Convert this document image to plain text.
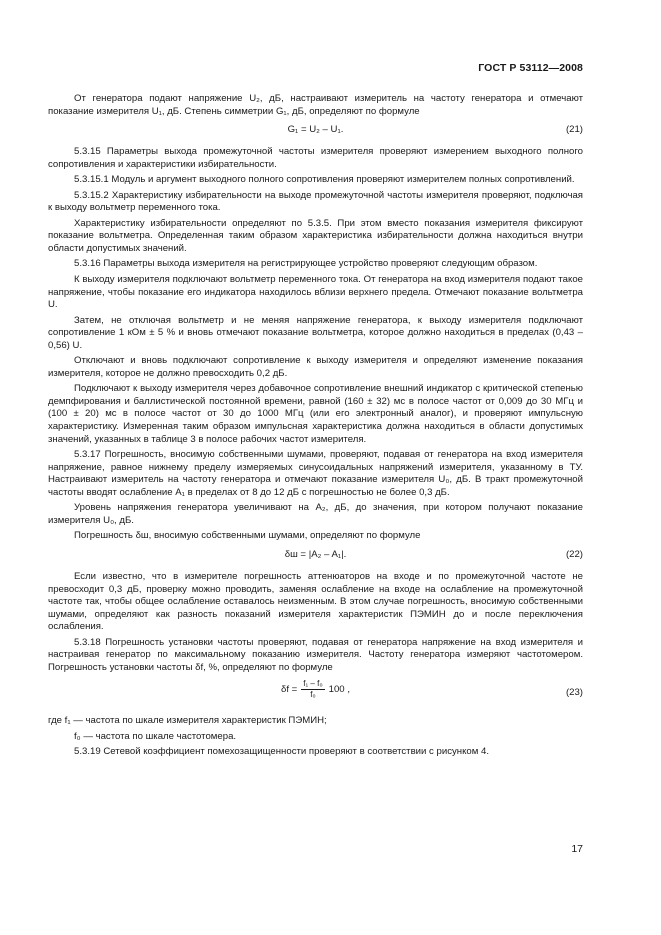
ГОСТ Р 53112—2008

От генератора подают напряжение U₂, дБ, настраивают измеритель на частоту генератора и отмечают показание измерителя U₁, дБ. Степень симметрии G₁, дБ, определяют по формуле

G₁ = U₂ – U₁.	(21)

5.3.15 Параметры выхода промежуточной частоты измерителя проверяют измерением выходного полного сопротивления и характеристики избирательности.

5.3.15.1 Модуль и аргумент выходного полного сопротивления проверяют измерителем полных сопротивлений.

5.3.15.2 Характеристику избирательности на выходе промежуточной частоты измерителя проверяют, подключая к выходу вольтметр переменного тока.

Характеристику избирательности определяют по 5.3.5. При этом вместо показания измерителя фиксируют показание вольтметра. Определенная таким образом характеристика избирательности должна находиться внутри области допустимых значений.

5.3.16 Параметры выхода измерителя на регистрирующее устройство проверяют следующим образом.

К выходу измерителя подключают вольтметр переменного тока. От генератора на вход измерителя подают такое напряжение, чтобы показание его индикатора находилось вблизи верхнего предела. Отмечают показание вольтметра U.

Затем, не отключая вольтметр и не меняя напряжение генератора, к выходу измерителя подключают сопротивление 1 кОм ± 5 % и вновь отмечают показание вольтметра, которое должно находиться в пределах (0,43 – 0,56) U.

Отключают и вновь подключают сопротивление к выходу измерителя и определяют изменение показания измерителя, которое не должно превосходить 0,2 дБ.

Подключают к выходу измерителя через добавочное сопротивление внешний индикатор с критической степенью демпфирования и баллистической постоянной времени, равной (160 ± 32) мс в полосе частот от 0,009 до 30 МГц и (100 ± 20) мс в полосе частот от 30 до 1000 МГц (или его электронный аналог), и проверяют импульсную характеристику. Измеренная таким образом импульсная характеристика должна находиться в области допустимых значений, указанных в таблице 3 в полосе рабочих частот измерителя.

5.3.17 Погрешность, вносимую собственными шумами, проверяют, подавая от генератора на вход измерителя напряжение, равное нижнему пределу измеряемых синусоидальных напряжений измерителя, указанному в ТУ. Настраивают измеритель на частоту генератора и отмечают показание измерителя U₀, дБ. В тракт промежуточной частоты вводят ослабление A₁ в пределах от 8 до 12 дБ с погрешностью не более 0,3 дБ.

Уровень напряжения генератора увеличивают на A₂, дБ, до значения, при котором получают показание измерителя U₀, дБ.

Погрешность δш, вносимую собственными шумами, определяют по формуле

δш = |A₂ – A₁|.	(22)

Если известно, что в измерителе погрешность аттенюаторов на входе и по промежуточной частоте не превосходит 0,3 дБ, проверку можно проводить, заменяя ослабление на входе на ослабление на промежуточной частоте так, чтобы общее ослабление оставалось неизменным. В этом случае погрешность, вносимую собственными шумами, определяют как разность показаний измерителя характеристик ПЭМИН до и после переключения ослабления.

5.3.18 Погрешность установки частоты проверяют, подавая от генератора напряжение на вход измерителя и настраивая генератор по максимальному показанию измерителя. Частоту генератора измеряют частотомером. Погрешность установки частоты δf, %, определяют по формуле

$\delta f = \frac{\text{f₁ – f₀}}{\text{f₀}} 100$ ,	(23)

где f₁ — частота по шкале измерителя характеристик ПЭМИН;

f₀ — частота по шкале частотомера.

5.3.19 Сетевой коэффициент помехозащищенности проверяют в соответствии с рисунком 4.

17
